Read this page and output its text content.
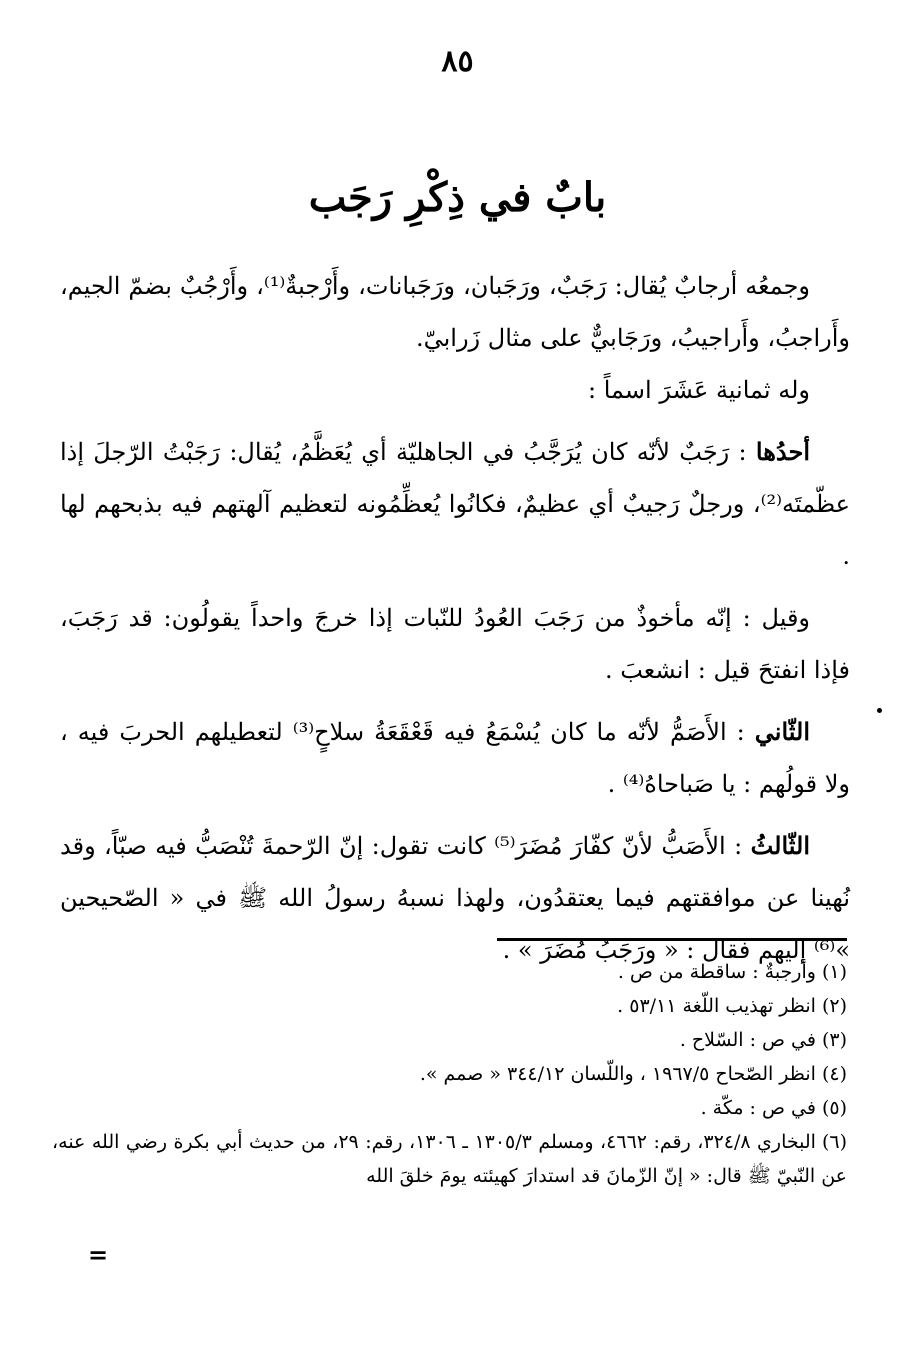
٨٥
بابٌ في ذِكْرِ رَجَب

وجمعُه أرجابٌ يُقال: رَجَبٌ، ورَجَبان، ورَجَبانات، وأَرْجبةٌ⁽¹⁾، وأَرْجُبٌ بضمّ الجيم، وأَراجبُ، وأَراجيبُ، ورَجَابيٌّ على مثال زَرابيّ.

وله ثمانية عَشَرَ اسماً :

أحدُها : رَجَبٌ لأنّه كان يُرَجَّبُ في الجاهليّة أي يُعَظَّمُ، يُقال: رَجَبْتُ الرّجلَ إذا عظّمتَه⁽²⁾، ورجلٌ رَجيبٌ أي عظيمٌ، فكانُوا يُعظِّمُونه لتعظيم آلهتهم فيه بذبحهم لها .

وقيل : إنّه مأخوذٌ من رَجَبَ العُودُ للنّبات إذا خرجَ واحداً يقولُون: قد رَجَبَ، فإذا انفتحَ قيل : انشعبَ .

الثّاني : الأَصَمُّ لأنّه ما كان يُسْمَعُ فيه قَعْقَعَةُ سلاحٍ⁽³⁾ لتعطيلهم الحربَ فيه ، ولا قولُهم : يا صَباحاهُ⁽⁴⁾ .

الثّالثُ : الأَصَبُّ لأنّ كفّارَ مُضَرَ⁽⁵⁾ كانت تقول: إنّ الرّحمةَ تُنْصَبُّ فيه صبّاً، وقد نُهينا عن موافقتهم فيما يعتقدُون، ولهذا نسبهُ رسولُ الله ﷺ في « الصّحيحين »⁽⁶⁾ إليهم فقال : « ورَجَبُ مُضَرَ » .

(١)وأرجبةٌ : ساقطة من ص .

(٢)انظر تهذيب اللّغة ٥٣/١١ .

(٣)في ص : السّلاح .

(٤)انظر الصّحاح ١٩٦٧/٥ ، واللّسان ٣٤٤/١٢ « صمم ».

(٥)في ص : مكّة .

(٦)البخاري ٣٢٤/٨، رقم: ٤٦٦٢، ومسلم ١٣٠٥/٣ ـ ١٣٠٦، رقم: ٢٩، من حديث أبي بكرة رضي الله عنه، عن النّبيّ ﷺ قال: « إنّ الزّمانَ قد استدارَ كهيئته يومَ خلقَ الله

=
